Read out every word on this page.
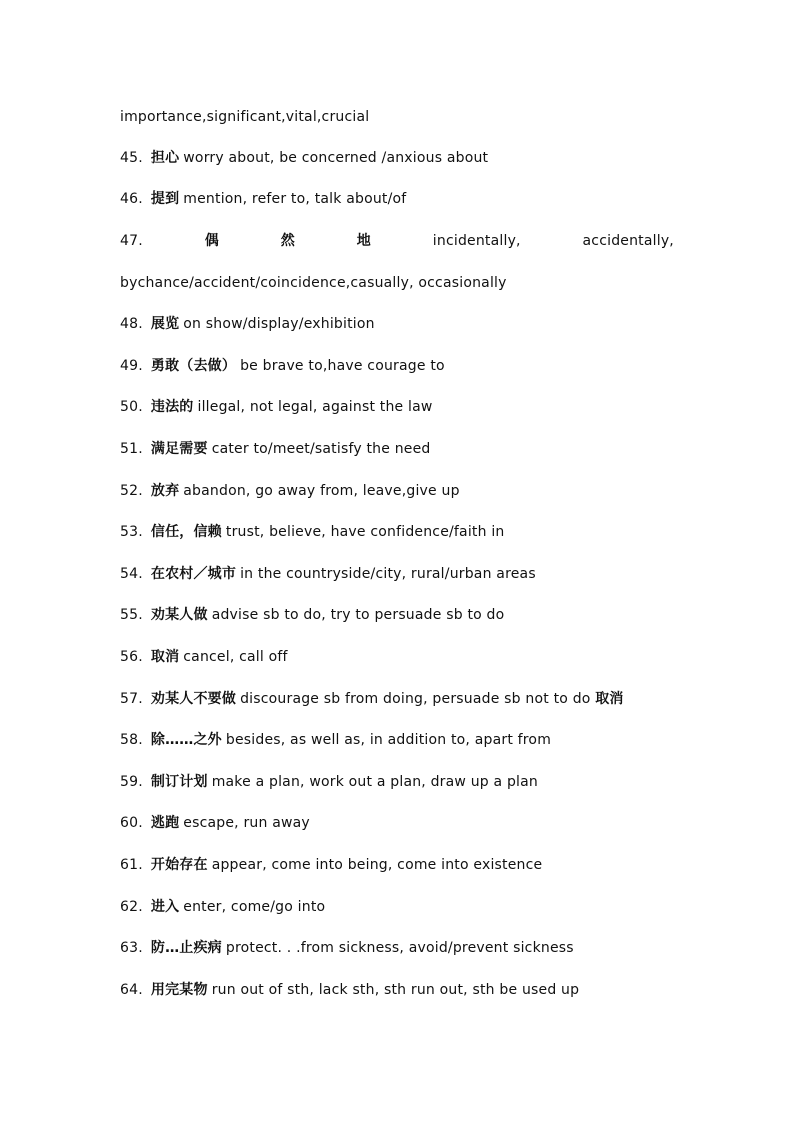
importance,significant,vital,crucial
45. 担心 worry about, be concerned /anxious about
46. 提到 mention, refer to, talk about/of
47.	偶	然	地	incidentally,	accidentally,
bychance/accident/coincidence,casually, occasionally
48. 展览 on show/display/exhibition
49. 勇敢（去做） be brave to,have courage to
50. 违法的 illegal, not legal, against the law
51. 满足需要 cater to/meet/satisfy the need
52. 放弃 abandon, go away from, leave,give up
53. 信任，信赖 trust, believe, have confidence/faith in
54. 在农村／城市 in the countryside/city, rural/urban areas
55. 劝某人做 advise sb to do, try to persuade sb to do
56. 取消 cancel, call off
57. 劝某人不要做 discourage sb from doing, persuade sb not to do 取消
58. 除……之外 besides, as well as, in addition to, apart from
59. 制订计划 make a plan, work out a plan, draw up a plan
60. 逃跑 escape, run away
61. 开始存在 appear, come into being, come into existence
62. 进入 enter, come/go into
63. 防…止疾病 protect. . .from sickness, avoid/prevent sickness
64. 用完某物 run out of sth, lack sth, sth run out, sth be used up
